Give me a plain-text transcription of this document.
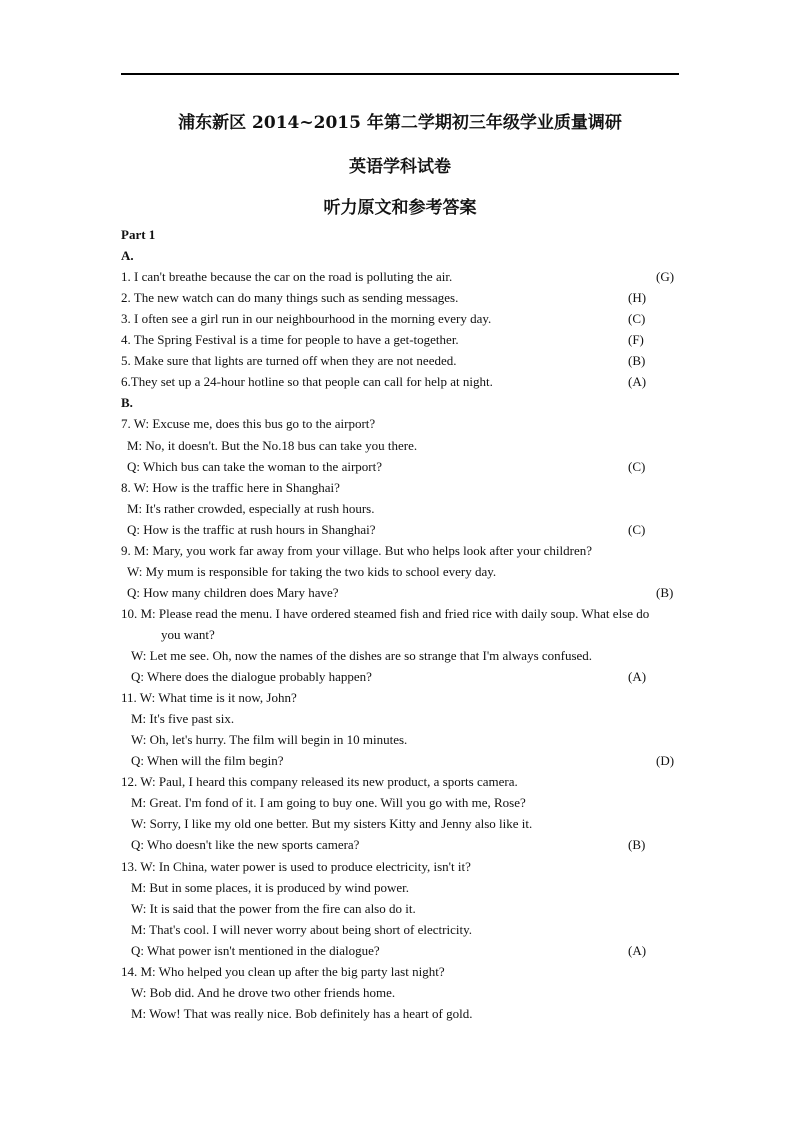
浦东新区 2014~2015 年第二学期初三年级学业质量调研
英语学科试卷
听力原文和参考答案
Part 1
A.
1. I can't breathe because the car on the road is polluting the air.	(G)
2. The new watch can do many things such as sending messages.	(H)
3. I often see a girl run in our neighbourhood in the morning every day.	(C)
4. The Spring Festival is a time for people to have a get-together.	(F)
5. Make sure that lights are turned off when they are not needed.	(B)
6.They set up a 24-hour hotline so that people can call for help at night.	(A)
B.
7. W: Excuse me, does this bus go to the airport?
M: No, it doesn't. But the No.18 bus can take you there.
Q: Which bus can take the woman to the airport?	(C)
8. W: How is the traffic here in Shanghai?
M: It's rather crowded, especially at rush hours.
Q: How is the traffic at rush hours in Shanghai?	(C)
9. M: Mary, you work far away from your village. But who helps look after your children?
W: My mum is responsible for taking the two kids to school every day.
Q: How many children does Mary have?	(B)
10. M: Please read the menu. I have ordered steamed fish and fried rice with daily soup. What else do
you want?
W: Let me see. Oh, now the names of the dishes are so strange that I'm always confused.
Q: Where does the dialogue probably happen?	(A)
11. W: What time is it now, John?
M: It's five past six.
W: Oh, let's hurry. The film will begin in 10 minutes.
Q: When will the film begin?	(D)
12. W: Paul, I heard this company released its new product, a sports camera.
M: Great. I'm fond of it. I am going to buy one. Will you go with me, Rose?
W: Sorry, I like my old one better. But my sisters Kitty and Jenny also like it.
Q: Who doesn't like the new sports camera?	(B)
13. W: In China, water power is used to produce electricity, isn't it?
M: But in some places, it is produced by wind power.
W: It is said that the power from the fire can also do it.
M: That's cool. I will never worry about being short of electricity.
Q: What power isn't mentioned in the dialogue?	(A)
14. M: Who helped you clean up after the big party last night?
W: Bob did. And he drove two other friends home.
M: Wow! That was really nice. Bob definitely has a heart of gold.
